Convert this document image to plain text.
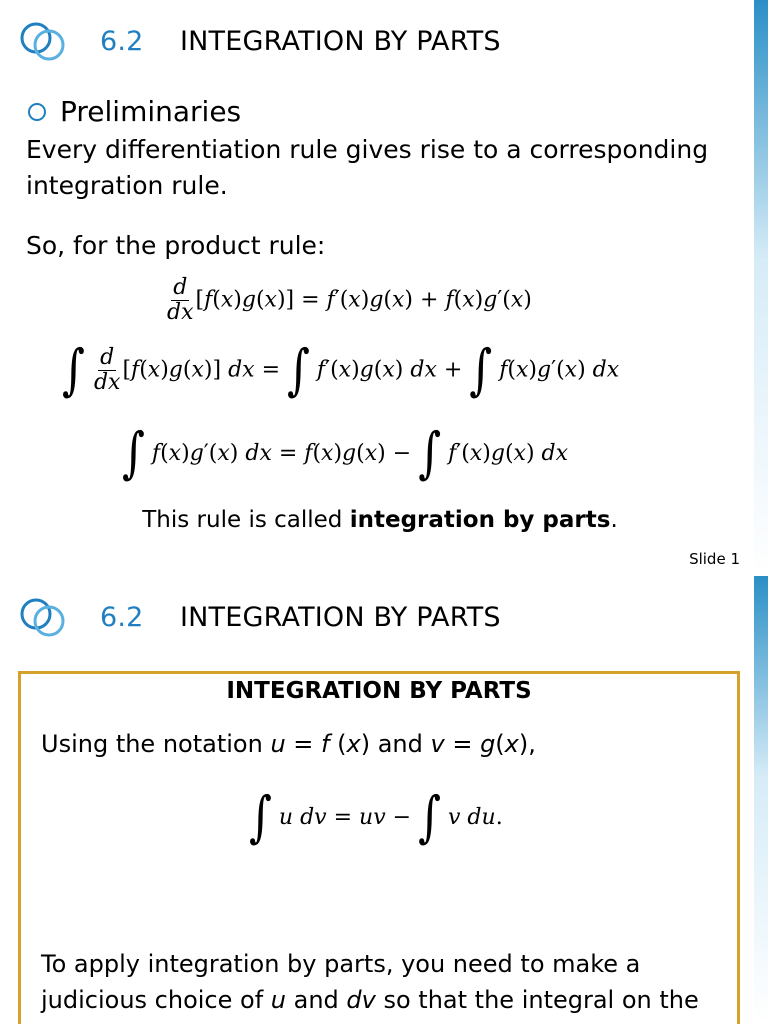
6.2 INTEGRATION BY PARTS
Preliminaries
Every differentiation rule gives rise to a corresponding
integration rule.
So, for the product rule:
$\frac{d}{dx} [f(x)g(x)] = f'(x)g(x) + f(x)g'(x)$
∫ $\frac{d}{dx} [f(x)g(x)]$ dx = ∫ f′(x)g(x) dx + ∫ f(x)g′(x) dx
∫ f(x)g′(x) dx = f(x)g(x) − ∫ f′(x)g(x) dx
This rule is called integration by parts.
Slide 1
6.2 INTEGRATION BY PARTS
INTEGRATION BY PARTS
Using the notation u = f (x) and v = g(x),
∫ u dv = uv − ∫ v du.
To apply integration by parts, you need to make a
judicious choice of u and dv so that the integral on the
